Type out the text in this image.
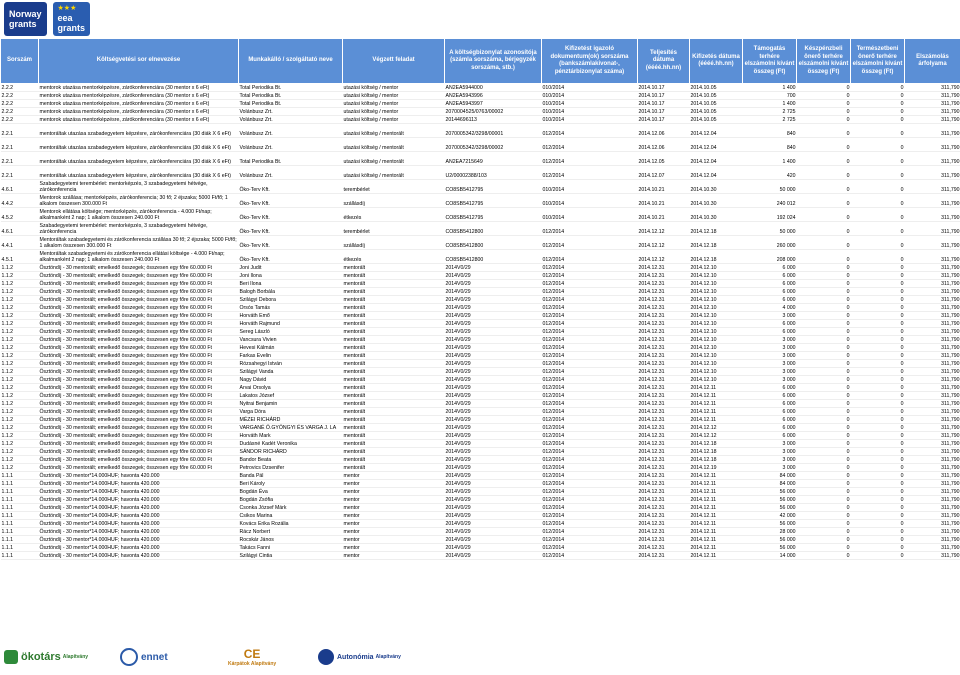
Norway
grants
★★★
eea
grants
Sorszám	Költségvetési sor elnevezése	Munkakálló / szolgáltató neve	Végzett feladat	A költségbizonylat azonosítója (számla sorszáma, bérjegyzék sorszáma, stb.)	Kifizetést igazoló dokumentum(ok) sorszáma (bankszámlakivonat-, pénztárbizonylat száma)	Teljesítés dátuma (éééé.hh.nn)	Kifizetés dátuma (éééé.hh.nn)	Támogatás terhére elszámolni kívánt összeg (Ft)	Készpénzbeli önerő terhére elszámolni kívánt összeg (Ft)	Természetbeni önerő terhére elszámolni kívánt összeg (Ft)	Elszámolás árfolyama
2.2.2	mentorok utazása mentorképzésre, zárókonferenciára (30 mentor x 6 eFt)	Total Periodika Bt.	utazási költség / mentor	AN2EA5944000	010/2014	2014.10.17	2014.10.05	1 400	0	0	311,790
2.2.2	mentorok utazása mentorképzésre, zárókonferenciára (30 mentor x 6 eFt)	Total Periodika Bt.	utazási költség / mentor	AN2EA5943996	010/2014	2014.10.17	2014.10.05	700	0	0	311,790
2.2.2	mentorok utazása mentorképzésre, zárókonferenciára (30 mentor x 6 eFt)	Total Periodika Bt.	utazási költség / mentor	AN2EA5943997	010/2014	2014.10.17	2014.10.05	1 400	0	0	311,790
2.2.2	mentorok utazása mentorképzésre, zárókonferenciára (30 mentor x 6 eFt)	Volánbusz Zrt.	utazási költség / mentor	2070004525/0763/00002	010/2014	2014.10.17	2014.10.05	2 725	0	0	311,790
2.2.2	mentorok utazása mentorképzésre, zárókonferenciára (30 mentor x 6 eFt)	Volánbusz Zrt.	utazási költség / mentor	20144696113	010/2014	2014.10.17	2014.10.05	2 725	0	0	311,790
2.2.1	mentoráltak utazása szabadegyetem képzésre, zárókonferenciára (30 diák X 6 eFt)	Volánbusz Zrt.	utazási költség / mentorált	2070005342/3298/00001	012/2014	2014.12.06	2014.12.04	840	0	0	311,790
2.2.1	mentoráltak utazása szabadegyetem képzésre, zárókonferenciára (30 diák X 6 eFt)	Volánbusz Zrt.	utazási költség / mentorált	2070005342/3298/00002	012/2014	2014.12.06	2014.12.04	840	0	0	311,790
2.2.1	mentoráltak utazása szabadegyetem képzésre, zárókonferenciára (30 diák X 6 eFt)	Total Periodika Bt.	utazási költség / mentorált	AN2EA7215649	012/2014	2014.12.05	2014.12.04	1 400	0	0	311,790
2.2.1	mentoráltak utazása szabadegyetem képzésre, zárókonferenciára (30 diák X 6 eFt)	Volánbusz Zrt.	utazási költség / mentorált	U2/00002388/103	012/2014	2014.12.07	2014.12.04	420	0	0	311,790
4.6.1	Szabadegyetemi terembérlet: mentorképzés, 3 szabadegyetemi hétvége, zárókonferencia	Öko-Terv Kft.	terembérlet	CO8SB5412795	010/2014	2014.10.21	2014.10.30	50 000	0	0	311,790
4.4.2	Mentorok szállása; mentorképzés, zárókonferencia; 30 fő; 2 éjszaka; 5000 Ft/fő; 1 alkalom összesen 300.000 Ft	Öko-Terv Kft.	szállásdíj	CO8SB5412795	010/2014	2014.10.21	2014.10.30	240 012	0	0	311,790
4.5.2	Mentorok ellátása költsége; mentorképzés, zárókonferencia - 4.000 Ft/nap; alkalmanként 2 nap; 1 alkalom összesen 240.000 Ft	Öko-Terv Kft.	étkezés	CO8SB5412795	010/2014	2014.10.21	2014.10.30	192 024	0	0	311,790
4.6.1	Szabadegyetemi terembérlet: mentorképzés, 3 szabadegyetemi hétvége, zárókonferencia	Öko-Terv Kft.	terembérlet	CO8SB5412800	012/2014	2014.12.12	2014.12.18	50 000	0	0	311,790
4.4.1	Mentoráltak szabadegyetemi és zárókonferencia szállása 30 fő; 2 éjszaka; 5000 Ft/fő; 1 alkalom összesen 300.000 Ft	Öko-Terv Kft.	szállásdíj	CO8SB5412800	012/2014	2014.12.12	2014.12.18	260 000	0	0	311,790
4.5.1	Mentoráltak szabadegyetemi és zárókonferencia ellátási költsége - 4.000 Ft/nap; alkalmanként 2 nap; 1 alkalom összesen 240.000 Ft	Öko-Terv Kft.	étkezés	CO8SB5412800	012/2014	2014.12.12	2014.12.18	208 000	0	0	311,790
1.1.2	Ösztöndíj - 30 mentorált; emelkedő összegek; összesen egy főre 60.000 Ft	Joni Judit	mentorált	2014V0/29	012/2014	2014.12.31	2014.12.10	6 000	0	0	311,790
1.1.2	Ösztöndíj - 30 mentorált; emelkedő összegek; összesen egy főre 60.000 Ft	Joni Ilona	mentorált	2014V0/29	012/2014	2014.12.31	2014.12.10	6 000	0	0	311,790
1.1.2	Ösztöndíj - 30 mentorált; emelkedő összegek; összesen egy főre 60.000 Ft	Beri Ilona	mentorált	2014V0/29	012/2014	2014.12.31	2014.12.10	6 000	0	0	311,790
1.1.2	Ösztöndíj - 30 mentorált; emelkedő összegek; összesen egy főre 60.000 Ft	Balogh Borbála	mentorált	2014V0/29	012/2014	2014.12.31	2014.12.10	6 000	0	0	311,790
1.1.2	Ösztöndíj - 30 mentorált; emelkedő összegek; összesen egy főre 60.000 Ft	Szilágyi Debora	mentorált	2014V0/29	012/2014	2014.12.31	2014.12.10	6 000	0	0	311,790
1.1.2	Ösztöndíj - 30 mentorált; emelkedő összegek; összesen egy főre 60.000 Ft	Orsós Tamás	mentorált	2014V0/29	012/2014	2014.12.31	2014.12.10	4 000	0	0	311,790
1.1.2	Ösztöndíj - 30 mentorált; emelkedő összegek; összesen egy főre 60.000 Ft	Horváth Emő	mentorált	2014V0/29	012/2014	2014.12.31	2014.12.10	3 000	0	0	311,790
1.1.2	Ösztöndíj - 30 mentorált; emelkedő összegek; összesen egy főre 60.000 Ft	Horváth Rajmund	mentorált	2014V0/29	012/2014	2014.12.31	2014.12.10	6 000	0	0	311,790
1.1.2	Ösztöndíj - 30 mentorált; emelkedő összegek; összesen egy főre 60.000 Ft	Sereg László	mentorált	2014V0/29	012/2014	2014.12.31	2014.12.10	6 000	0	0	311,790
1.1.2	Ösztöndíj - 30 mentorált; emelkedő összegek; összesen egy főre 60.000 Ft	Vancsura Vivien	mentorált	2014V0/29	012/2014	2014.12.31	2014.12.10	3 000	0	0	311,790
1.1.2	Ösztöndíj - 30 mentorált; emelkedő összegek; összesen egy főre 60.000 Ft	Hevesi Kálmán	mentorált	2014V0/29	012/2014	2014.12.31	2014.12.10	3 000	0	0	311,790
1.1.2	Ösztöndíj - 30 mentorált; emelkedő összegek; összesen egy főre 60.000 Ft	Farkas Evelin	mentorált	2014V0/29	012/2014	2014.12.31	2014.12.10	3 000	0	0	311,790
1.1.2	Ösztöndíj - 30 mentorált; emelkedő összegek; összesen egy főre 60.000 Ft	Rózsahegyi István	mentorált	2014V0/29	012/2014	2014.12.31	2014.12.10	3 000	0	0	311,790
1.1.2	Ösztöndíj - 30 mentorált; emelkedő összegek; összesen egy főre 60.000 Ft	Szilágyi Vanda	mentorált	2014V0/29	012/2014	2014.12.31	2014.12.10	3 000	0	0	311,790
1.1.2	Ösztöndíj - 30 mentorált; emelkedő összegek; összesen egy főre 60.000 Ft	Nagy Dávid	mentorált	2014V0/29	012/2014	2014.12.31	2014.12.10	3 000	0	0	311,790
1.1.2	Ösztöndíj - 30 mentorált; emelkedő összegek; összesen egy főre 60.000 Ft	Arvai Orsolya	mentorált	2014V0/29	012/2014	2014.12.31	2014.12.11	6 000	0	0	311,790
1.1.2	Ösztöndíj - 30 mentorált; emelkedő összegek; összesen egy főre 60.000 Ft	Lakatos József	mentorált	2014V0/29	012/2014	2014.12.31	2014.12.11	6 000	0	0	311,790
1.1.2	Ösztöndíj - 30 mentorált; emelkedő összegek; összesen egy főre 60.000 Ft	Nyitrai Benjamin	mentorált	2014V0/29	012/2014	2014.12.31	2014.12.11	6 000	0	0	311,790
1.1.2	Ösztöndíj - 30 mentorált; emelkedő összegek; összesen egy főre 60.000 Ft	Varga Dóra	mentorált	2014V0/29	012/2014	2014.12.31	2014.12.11	6 000	0	0	311,790
1.1.2	Ösztöndíj - 30 mentorált; emelkedő összegek; összesen egy főre 60.000 Ft	MÉZEI RICHÁRD	mentorált	2014V0/29	012/2014	2014.12.31	2014.12.11	6 000	0	0	311,790
1.1.2	Ösztöndíj - 30 mentorált; emelkedő összegek; összesen egy főre 60.000 Ft	VARGANÉ Ö.GYÖNGYI ÉS VARGA J. LA	mentorált	2014V0/29	012/2014	2014.12.31	2014.12.12	6 000	0	0	311,790
1.1.2	Ösztöndíj - 30 mentorált; emelkedő összegek; összesen egy főre 60.000 Ft	Horváth Mark	mentorált	2014V0/29	012/2014	2014.12.31	2014.12.12	6 000	0	0	311,790
1.1.2	Ösztöndíj - 30 mentorált; emelkedő összegek; összesen egy főre 60.000 Ft	Dudásné Kadét Veronika	mentorált	2014V0/29	012/2014	2014.12.31	2014.12.18	3 000	0	0	311,790
1.1.2	Ösztöndíj - 30 mentorált; emelkedő összegek; összesen egy főre 60.000 Ft	SÁNDOR RICHÁRD	mentorált	2014V0/29	012/2014	2014.12.31	2014.12.18	3 000	0	0	311,790
1.1.2	Ösztöndíj - 30 mentorált; emelkedő összegek; összesen egy főre 60.000 Ft	Bandor Beata	mentorált	2014V0/29	012/2014	2014.12.31	2014.12.18	3 000	0	0	311,790
1.1.2	Ösztöndíj - 30 mentorált; emelkedő összegek; összesen egy főre 60.000 Ft	Petrovics Dzsenifer	mentorált	2014V0/29	012/2014	2014.12.31	2014.12.19	3 000	0	0	311,790
1.1.1	Ösztöndíj - 30 mentor*14.000HUF; havonta 420.000	Banda Pál	mentor	2014V0/29	012/2014	2014.12.31	2014.12.11	84 000	0	0	311,790
1.1.1	Ösztöndíj - 30 mentor*14.000HUF; havonta 420.000	Beri Károly	mentor	2014V0/29	012/2014	2014.12.31	2014.12.11	84 000	0	0	311,790
1.1.1	Ösztöndíj - 30 mentor*14.000HUF; havonta 420.000	Bogdán Éva	mentor	2014V0/29	012/2014	2014.12.31	2014.12.11	56 000	0	0	311,790
1.1.1	Ösztöndíj - 30 mentor*14.000HUF; havonta 420.000	Bogdán Zsófia	mentor	2014V0/29	012/2014	2014.12.31	2014.12.11	56 000	0	0	311,790
1.1.1	Ösztöndíj - 30 mentor*14.000HUF; havonta 420.000	Csonka József Márk	mentor	2014V0/29	012/2014	2014.12.31	2014.12.11	56 000	0	0	311,790
1.1.1	Ösztöndíj - 30 mentor*14.000HUF; havonta 420.000	Csikos Marina	mentor	2014V0/29	012/2014	2014.12.31	2014.12.11	42 000	0	0	311,790
1.1.1	Ösztöndíj - 30 mentor*14.000HUF; havonta 420.000	Kovács Erika Rozália	mentor	2014V0/29	012/2014	2014.12.31	2014.12.11	56 000	0	0	311,790
1.1.1	Ösztöndíj - 30 mentor*14.000HUF; havonta 420.000	Rácz Norbert	mentor	2014V0/29	012/2014	2014.12.31	2014.12.11	28 000	0	0	311,790
1.1.1	Ösztöndíj - 30 mentor*14.000HUF; havonta 420.000	Rocskár János	mentor	2014V0/29	012/2014	2014.12.31	2014.12.11	56 000	0	0	311,790
1.1.1	Ösztöndíj - 30 mentor*14.000HUF; havonta 420.000	Takács Fanni	mentor	2014V0/29	012/2014	2014.12.31	2014.12.11	56 000	0	0	311,790
1.1.1	Ösztöndíj - 30 mentor*14.000HUF; havonta 420.000	Szilágyi Cintia	mentor	2014V0/29	012/2014	2014.12.31	2014.12.11	14 000	0	0	311,790
ökotárs Alapítvány	ennet	CE
Kárpátok Alapítvány
Autonómia Alapítvány
